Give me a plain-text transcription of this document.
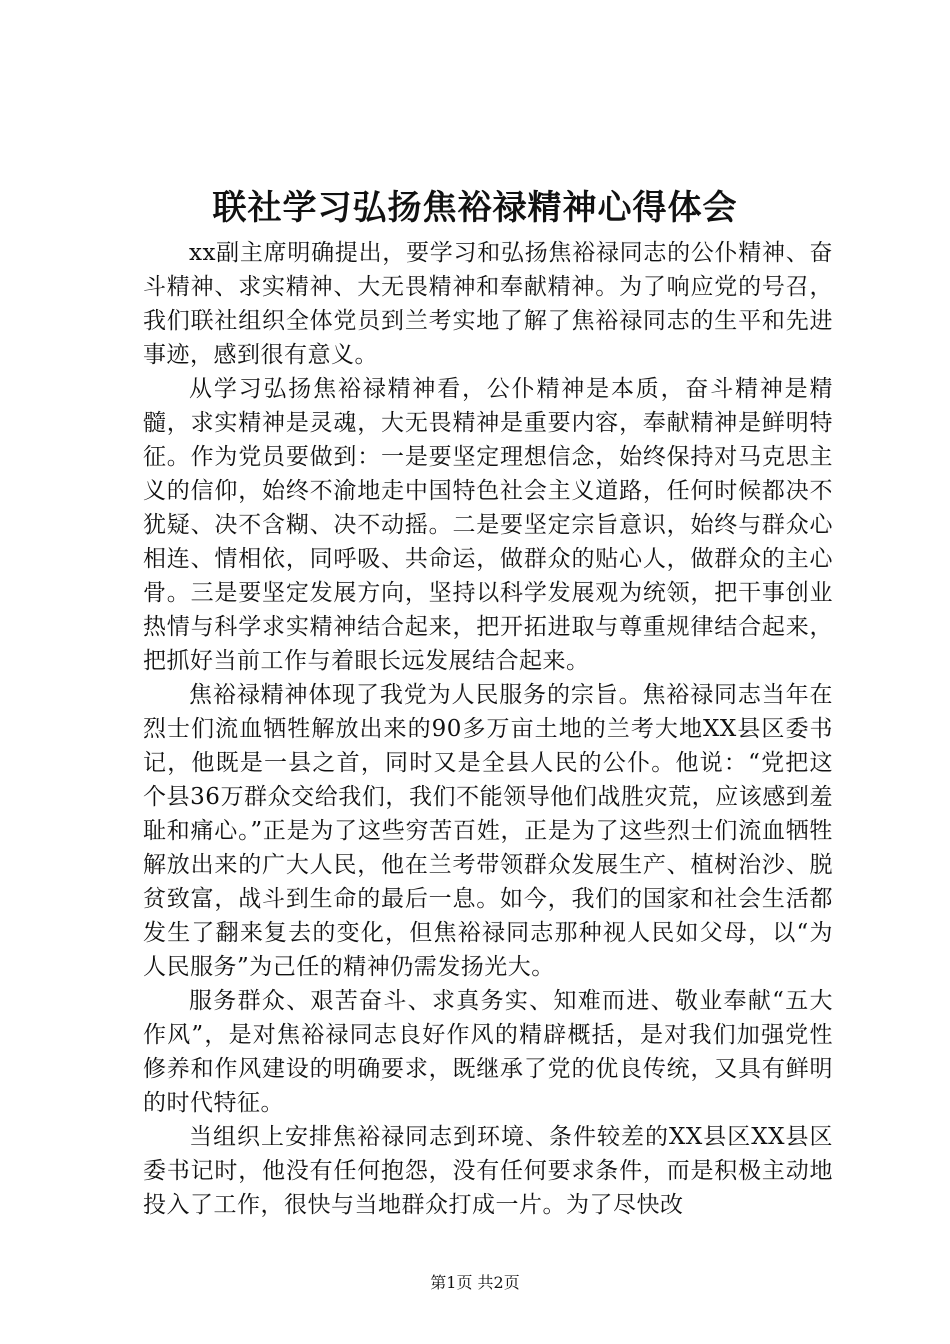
联社学习弘扬焦裕禄精神心得体会

xx副主席明确提出，要学习和弘扬焦裕禄同志的公仆精神、奋斗精神、求实精神、大无畏精神和奉献精神。为了响应党的号召，我们联社组织全体党员到兰考实地了解了焦裕禄同志的生平和先进事迹，感到很有意义。

从学习弘扬焦裕禄精神看，公仆精神是本质，奋斗精神是精髓，求实精神是灵魂，大无畏精神是重要内容，奉献精神是鲜明特征。作为党员要做到：一是要坚定理想信念，始终保持对马克思主义的信仰，始终不渝地走中国特色社会主义道路，任何时候都决不犹疑、决不含糊、决不动摇。二是要坚定宗旨意识，始终与群众心相连、情相依，同呼吸、共命运，做群众的贴心人，做群众的主心骨。三是要坚定发展方向，坚持以科学发展观为统领，把干事创业热情与科学求实精神结合起来，把开拓进取与尊重规律结合起来，把抓好当前工作与着眼长远发展结合起来。

焦裕禄精神体现了我党为人民服务的宗旨。焦裕禄同志当年在烈士们流血牺牲解放出来的90多万亩土地的兰考大地XX县区委书记，他既是一县之首，同时又是全县人民的公仆。他说：“党把这个县36万群众交给我们，我们不能领导他们战胜灾荒，应该感到羞耻和痛心。”正是为了这些穷苦百姓，正是为了这些烈士们流血牺牲解放出来的广大人民，他在兰考带领群众发展生产、植树治沙、脱贫致富，战斗到生命的最后一息。如今，我们的国家和社会生活都发生了翻来复去的变化，但焦裕禄同志那种视人民如父母，以“为人民服务”为己任的精神仍需发扬光大。

服务群众、艰苦奋斗、求真务实、知难而进、敬业奉献“五大作风”，是对焦裕禄同志良好作风的精辟概括，是对我们加强党性修养和作风建设的明确要求，既继承了党的优良传统，又具有鲜明的时代特征。

当组织上安排焦裕禄同志到环境、条件较差的XX县区XX县区委书记时，他没有任何抱怨，没有任何要求条件，而是积极主动地投入了工作，很快与当地群众打成一片。为了尽快改

第1页 共2页
